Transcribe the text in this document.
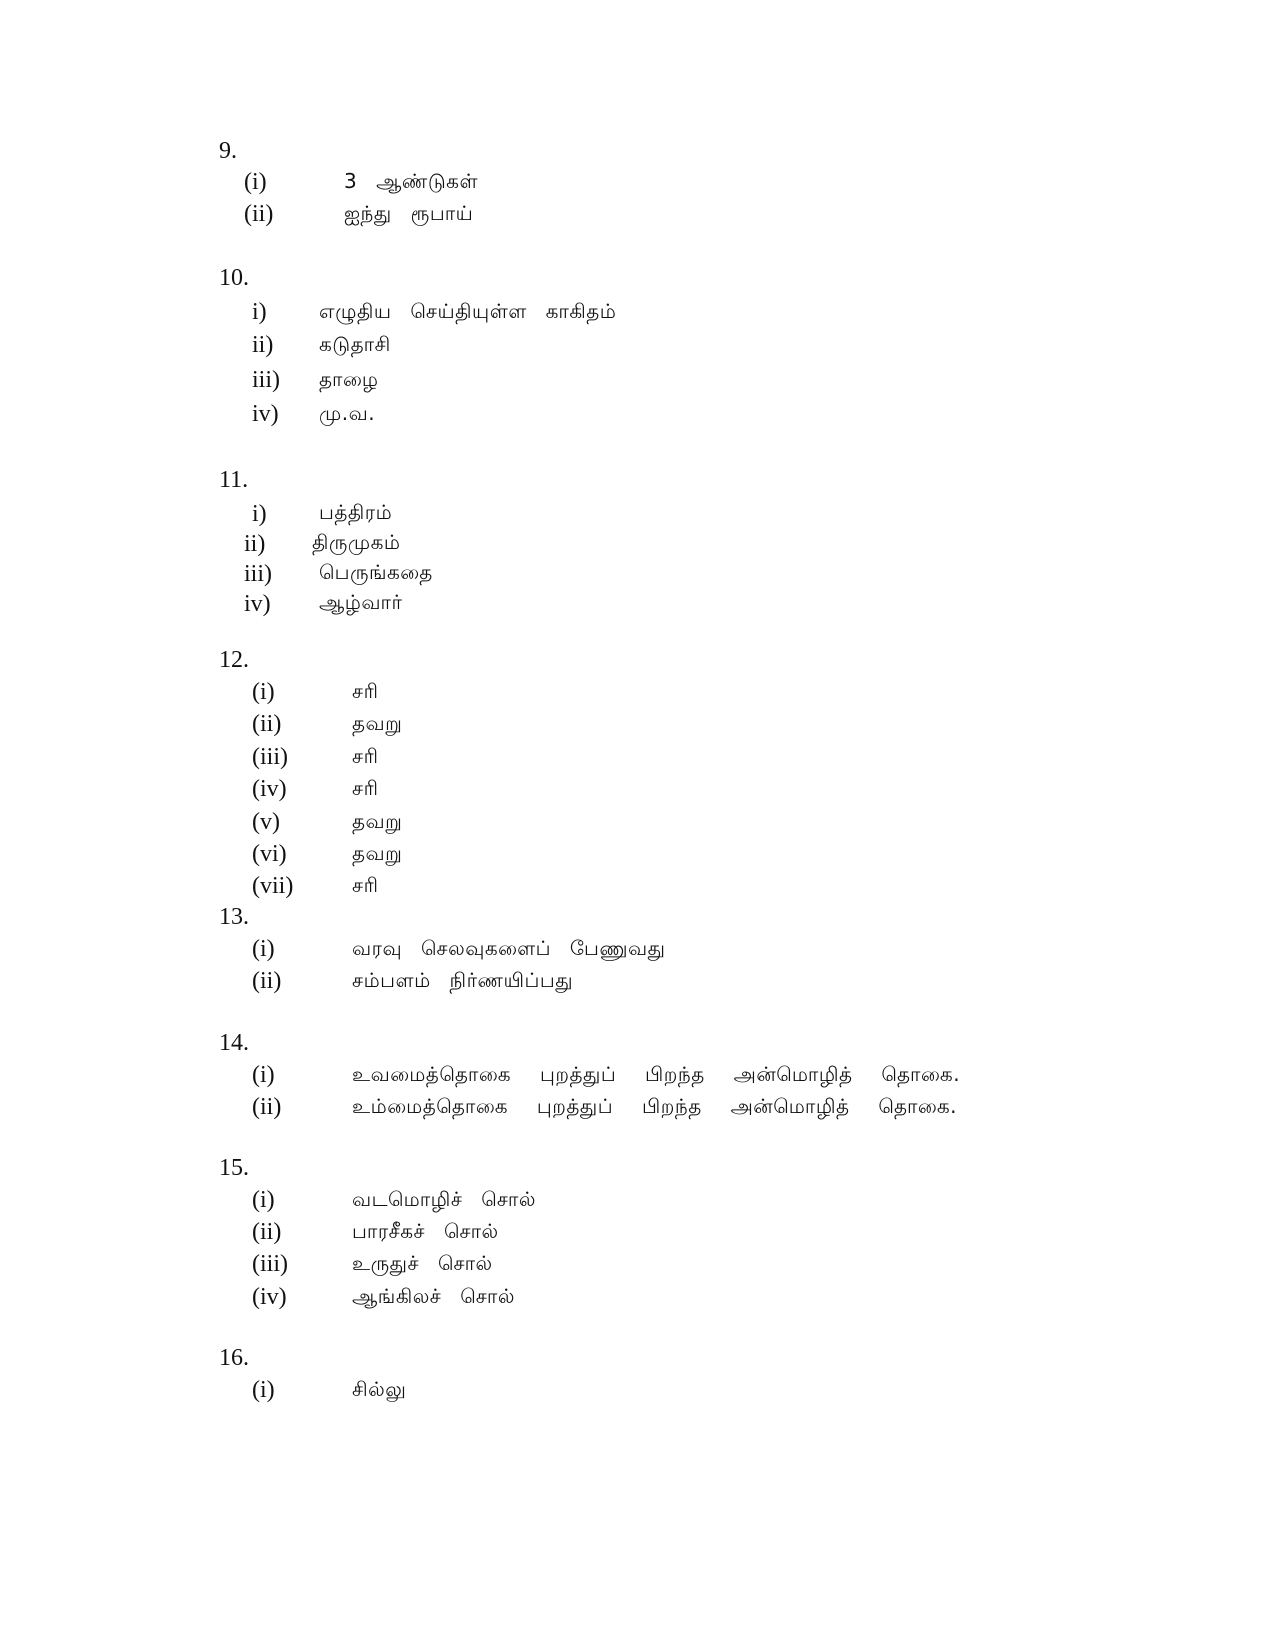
9.
(i)	3 ஆண்டுகள்
(ii)	ஐந்து ரூபாய்
10.
i)	எழுதிய செய்தியுள்ள காகிதம்
ii) கடுதாசி
iii) தாழை
iv) மு.வ.
11.
i)	பத்திரம்
ii) திருமுகம்
iii) பெருங்கதை
iv) ஆழ்வார்
12.
(i)	சரி
(ii)	தவறு
(iii)	சரி
(iv)	சரி
(v)	தவறு
(vi)	தவறு
(vii)	சரி
13.
(i)	வரவு செலவுகளைப் பேணுவது
(ii)	சம்பளம் நிர்ணயிப்பது
14.
(i)	உவமைத்தொகை புறத்துப் பிறந்த அன்மொழித் தொகை.
(ii)	உம்மைத்தொகை புறத்துப் பிறந்த அன்மொழித் தொகை.
15.
(i)	வடமொழிச் சொல்
(ii)	பாரசீகச் சொல்
(iii)	உருதுச் சொல்
(iv)	ஆங்கிலச் சொல்
16.
(i)	சில்லு
